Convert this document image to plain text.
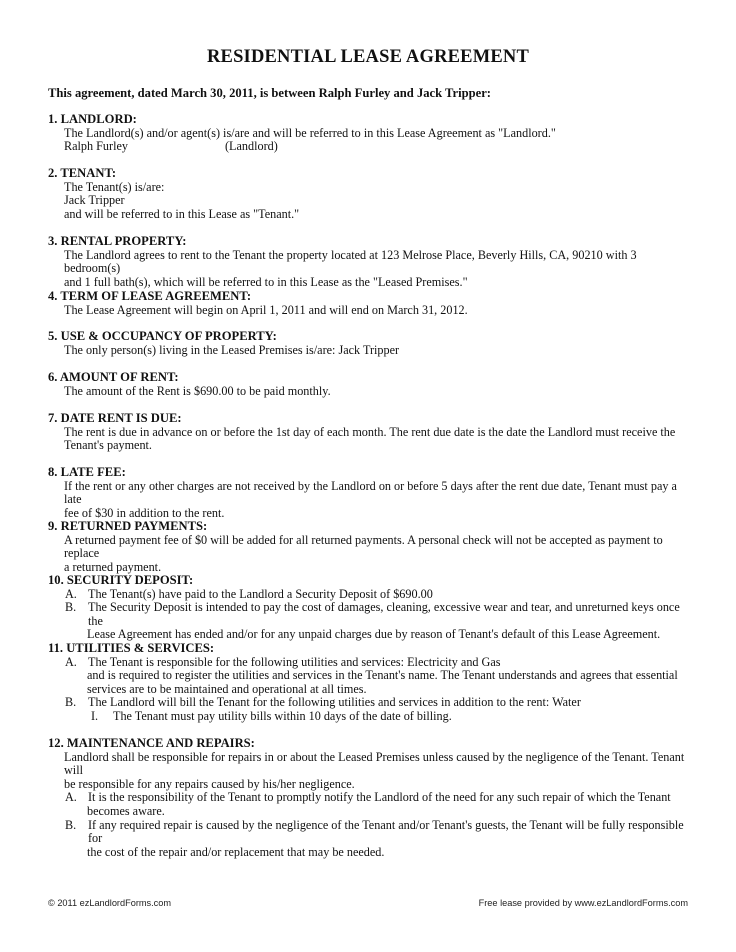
RESIDENTIAL LEASE AGREEMENT
This agreement, dated March 30, 2011, is between Ralph Furley and Jack Tripper:
1. LANDLORD:
The Landlord(s) and/or agent(s) is/are and will be referred to in this Lease Agreement as "Landlord."
Ralph Furley	(Landlord)
2. TENANT:
The Tenant(s) is/are:
Jack Tripper
and will be referred to in this Lease as "Tenant."
3. RENTAL PROPERTY:
The Landlord agrees to rent to the Tenant the property located at 123 Melrose Place, Beverly Hills, CA, 90210 with 3 bedroom(s)
and 1 full bath(s), which will be referred to in this Lease as the "Leased Premises."
4. TERM OF LEASE AGREEMENT:
The Lease Agreement will begin on April 1, 2011 and will end on March 31, 2012.
5. USE & OCCUPANCY OF PROPERTY:
The only person(s) living in the Leased Premises is/are: Jack Tripper
6. AMOUNT OF RENT:
The amount of the Rent is $690.00 to be paid monthly.
7. DATE RENT IS DUE:
The rent is due in advance on or before the 1st day of each month. The rent due date is the date the Landlord must receive the
Tenant's payment.
8. LATE FEE:
If the rent or any other charges are not received by the Landlord on or before 5 days after the rent due date, Tenant must pay a late
fee of $30 in addition to the rent.
9. RETURNED PAYMENTS:
A returned payment fee of $0 will be added for all returned payments. A personal check will not be accepted as payment to replace
a returned payment.
10. SECURITY DEPOSIT:
A. The Tenant(s) have paid to the Landlord a Security Deposit of $690.00
B. The Security Deposit is intended to pay the cost of damages, cleaning, excessive wear and tear, and unreturned keys once the
Lease Agreement has ended and/or for any unpaid charges due by reason of Tenant's default of this Lease Agreement.
11. UTILITIES & SERVICES:
A. The Tenant is responsible for the following utilities and services: Electricity and Gas
and is required to register the utilities and services in the Tenant's name. The Tenant understands and agrees that essential
services are to be maintained and operational at all times.
B. The Landlord will bill the Tenant for the following utilities and services in addition to the rent: Water
I.	The Tenant must pay utility bills within 10 days of the date of billing.
12. MAINTENANCE AND REPAIRS:
Landlord shall be responsible for repairs in or about the Leased Premises unless caused by the negligence of the Tenant. Tenant will
be responsible for any repairs caused by his/her negligence.
A. It is the responsibility of the Tenant to promptly notify the Landlord of the need for any such repair of which the Tenant
becomes aware.
B. If any required repair is caused by the negligence of the Tenant and/or Tenant's guests, the Tenant will be fully responsible for
the cost of the repair and/or replacement that may be needed.
© 2011 ezLandlordForms.com	Free lease provided by www.ezLandlordForms.com
